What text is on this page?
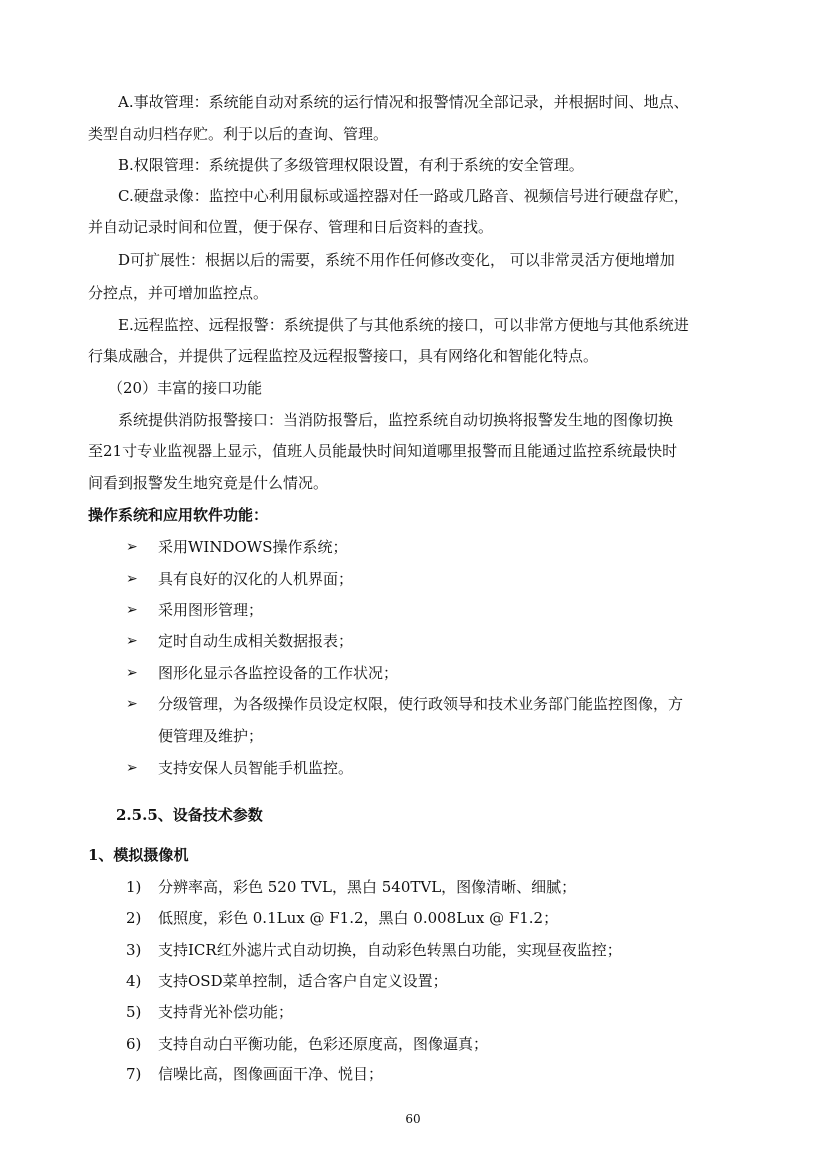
A.事故管理：系统能自动对系统的运行情况和报警情况全部记录，并根据时间、地点、
类型自动归档存贮。利于以后的查询、管理。
B.权限管理：系统提供了多级管理权限设置，有利于系统的安全管理。
C.硬盘录像：监控中心利用鼠标或遥控器对任一路或几路音、视频信号进行硬盘存贮，
并自动记录时间和位置，便于保存、管理和日后资料的查找。
D可扩展性：根据以后的需要，系统不用作任何修改变化， 可以非常灵活方便地增加
分控点，并可增加监控点。
E.远程监控、远程报警：系统提供了与其他系统的接口，可以非常方便地与其他系统进
行集成融合，并提供了远程监控及远程报警接口，具有网络化和智能化特点。
（20）丰富的接口功能
系统提供消防报警接口：当消防报警后，监控系统自动切换将报警发生地的图像切换
至21寸专业监视器上显示，值班人员能最快时间知道哪里报警而且能通过监控系统最快时
间看到报警发生地究竟是什么情况。
操作系统和应用软件功能：
➢ 采用WINDOWS操作系统；
➢ 具有良好的汉化的人机界面；
➢ 采用图形管理；
➢ 定时自动生成相关数据报表；
➢ 图形化显示各监控设备的工作状况；
➢ 分级管理，为各级操作员设定权限，使行政领导和技术业务部门能监控图像，方
便管理及维护；
➢ 支持安保人员智能手机监控。
2.5.5、设备技术参数
1、模拟摄像机
1) 分辨率高，彩色 520 TVL，黑白 540TVL，图像清晰、细腻；
2) 低照度，彩色 0.1Lux @ F1.2，黑白 0.008Lux @ F1.2；
3) 支持ICR红外滤片式自动切换，自动彩色转黑白功能，实现昼夜监控；
4) 支持OSD菜单控制，适合客户自定义设置；
5) 支持背光补偿功能；
6) 支持自动白平衡功能，色彩还原度高，图像逼真；
7) 信噪比高，图像画面干净、悦目；
60
